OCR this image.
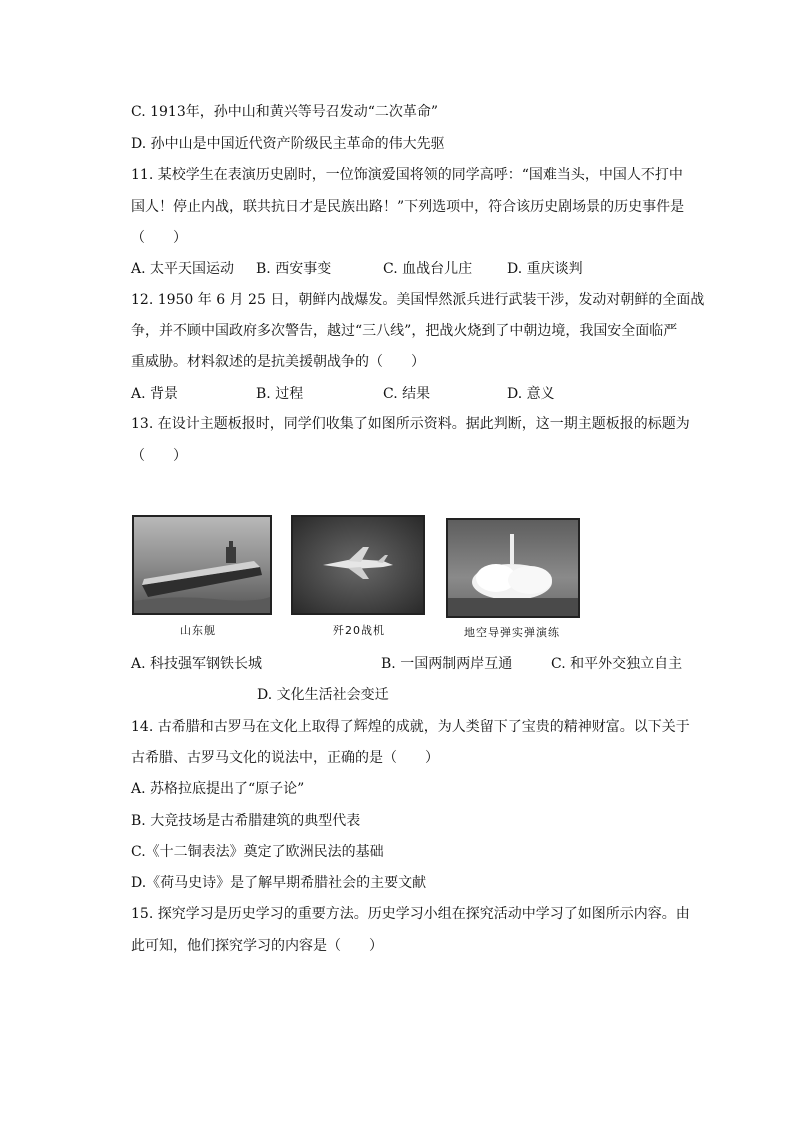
C. 1913年，孙中山和黄兴等号召发动“二次革命”
D. 孙中山是中国近代资产阶级民主革命的伟大先驱
11. 某校学生在表演历史剧时，一位饰演爱国将领的同学高呼：“国难当头，中国人不打中
国人！停止内战，联共抗日才是民族出路！”下列选项中，符合该历史剧场景的历史事件是
（　　）
A. 太平天国运动 B. 西安事变	C. 血战台儿庄 D. 重庆谈判
12. 1950 年 6 月 25 日，朝鲜内战爆发。美国悍然派兵进行武装干涉，发动对朝鲜的全面战
争，并不顾中国政府多次警告，越过“三八线”，把战火烧到了中朝边境，我国安全面临严
重威胁。材料叙述的是抗美援朝战争的（　　）
A. 背景	B. 过程	C. 结果	D. 意义
13. 在设计主题板报时，同学们收集了如图所示资料。据此判断，这一期主题板报的标题为
（　　）
山东舰	歼20战机	地空导弹实弹演练
A. 科技强军钢铁长城	B. 一国两制两岸互通	C. 和平外交独立自主
D. 文化生活社会变迁
14. 古希腊和古罗马在文化上取得了辉煌的成就，为人类留下了宝贵的精神财富。以下关于
古希腊、古罗马文化的说法中，正确的是（　　）
A. 苏格拉底提出了“原子论”
B. 大竞技场是古希腊建筑的典型代表
C.《十二铜表法》奠定了欧洲民法的基础
D.《荷马史诗》是了解早期希腊社会的主要文献
15. 探究学习是历史学习的重要方法。历史学习小组在探究活动中学习了如图所示内容。由
此可知，他们探究学习的内容是（　　）
